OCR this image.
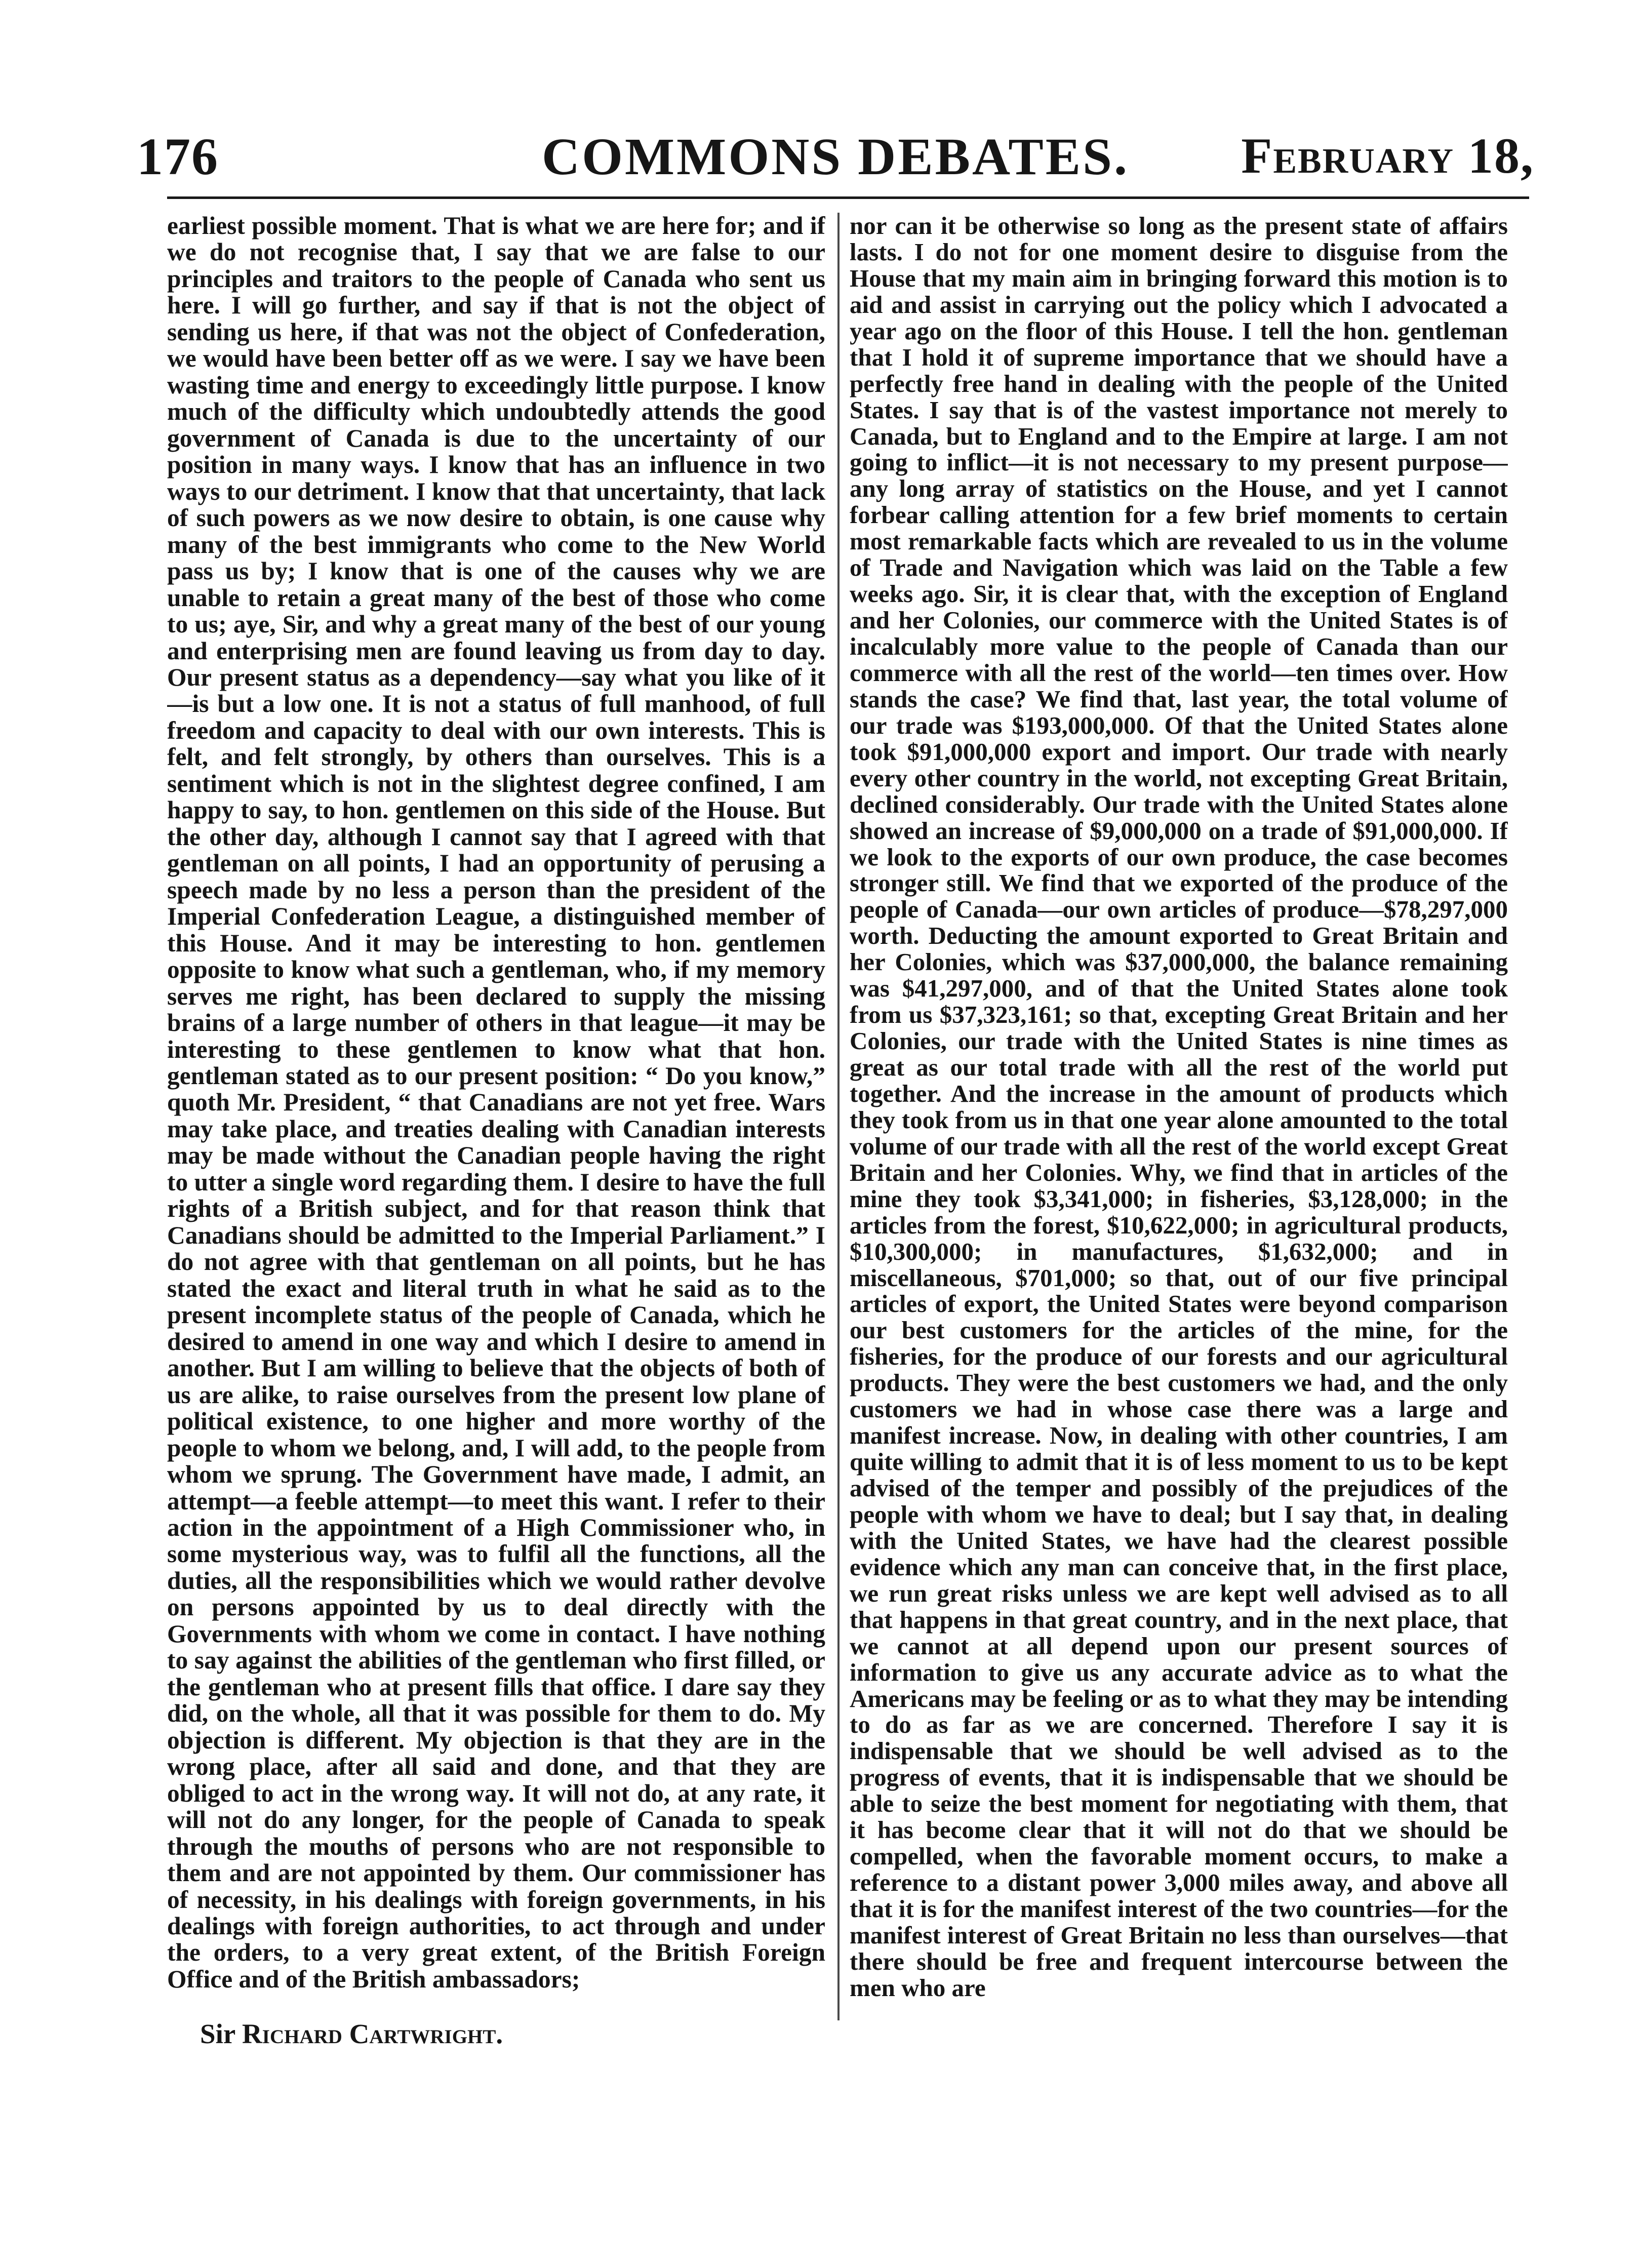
176	COMMONS DEBATES.	February 18,

earliest possible moment. That is what we are here for; and if we do not recognise that, I say that we are false to our principles and traitors to the people of Canada who sent us here. I will go further, and say if that is not the object of sending us here, if that was not the object of Confederation, we would have been better off as we were. I say we have been wasting time and energy to exceedingly little purpose. I know much of the difficulty which undoubtedly attends the good government of Canada is due to the uncertainty of our position in many ways. I know that has an influence in two ways to our detriment. I know that that uncertainty, that lack of such powers as we now desire to obtain, is one cause why many of the best immigrants who come to the New World pass us by; I know that is one of the causes why we are unable to retain a great many of the best of those who come to us; aye, Sir, and why a great many of the best of our young and enterprising men are found leaving us from day to day. Our present status as a dependency—say what you like of it—is but a low one. It is not a status of full manhood, of full freedom and capacity to deal with our own interests. This is felt, and felt strongly, by others than ourselves. This is a sentiment which is not in the slightest degree confined, I am happy to say, to hon. gentlemen on this side of the House. But the other day, although I cannot say that I agreed with that gentleman on all points, I had an opportunity of perusing a speech made by no less a person than the president of the Imperial Confederation League, a distinguished member of this House. And it may be interesting to hon. gentlemen opposite to know what such a gentleman, who, if my memory serves me right, has been declared to supply the missing brains of a large number of others in that league—it may be interesting to these gentlemen to know what that hon. gentleman stated as to our present position: “ Do you know,” quoth Mr. President, “ that Canadians are not yet free. Wars may take place, and treaties dealing with Canadian interests may be made without the Canadian people having the right to utter a single word regarding them. I desire to have the full rights of a British subject, and for that reason think that Canadians should be admitted to the Imperial Parliament.” I do not agree with that gentleman on all points, but he has stated the exact and literal truth in what he said as to the present incomplete status of the people of Canada, which he desired to amend in one way and which I desire to amend in another. But I am willing to believe that the objects of both of us are alike, to raise ourselves from the present low plane of political existence, to one higher and more worthy of the people to whom we belong, and, I will add, to the people from whom we sprung. The Government have made, I admit, an attempt—a feeble attempt—to meet this want. I refer to their action in the appointment of a High Commissioner who, in some mysterious way, was to fulfil all the functions, all the duties, all the responsibilities which we would rather devolve on persons appointed by us to deal directly with the Governments with whom we come in contact. I have nothing to say against the abilities of the gentleman who first filled, or the gentleman who at present fills that office. I dare say they did, on the whole, all that it was possible for them to do. My objection is different. My objection is that they are in the wrong place, after all said and done, and that they are obliged to act in the wrong way. It will not do, at any rate, it will not do any longer, for the people of Canada to speak through the mouths of persons who are not responsible to them and are not appointed by them. Our commissioner has of necessity, in his dealings with foreign governments, in his dealings with foreign authorities, to act through and under the orders, to a very great extent, of the British Foreign Office and of the British ambassadors;

nor can it be otherwise so long as the present state of affairs lasts. I do not for one moment desire to disguise from the House that my main aim in bringing forward this motion is to aid and assist in carrying out the policy which I advocated a year ago on the floor of this House. I tell the hon. gentleman that I hold it of supreme importance that we should have a perfectly free hand in dealing with the people of the United States. I say that is of the vastest importance not merely to Canada, but to England and to the Empire at large. I am not going to inflict—it is not necessary to my present purpose—any long array of statistics on the House, and yet I cannot forbear calling attention for a few brief moments to certain most remarkable facts which are revealed to us in the volume of Trade and Navigation which was laid on the Table a few weeks ago. Sir, it is clear that, with the exception of England and her Colonies, our commerce with the United States is of incalculably more value to the people of Canada than our commerce with all the rest of the world—ten times over. How stands the case? We find that, last year, the total volume of our trade was $193,000,000. Of that the United States alone took $91,000,000 export and import. Our trade with nearly every other country in the world, not excepting Great Britain, declined considerably. Our trade with the United States alone showed an increase of $9,000,000 on a trade of $91,000,000. If we look to the exports of our own produce, the case becomes stronger still. We find that we exported of the produce of the people of Canada—our own articles of produce—$78,297,000 worth. Deducting the amount exported to Great Britain and her Colonies, which was $37,000,000, the balance remaining was $41,297,000, and of that the United States alone took from us $37,323,161; so that, excepting Great Britain and her Colonies, our trade with the United States is nine times as great as our total trade with all the rest of the world put together. And the increase in the amount of products which they took from us in that one year alone amounted to the total volume of our trade with all the rest of the world except Great Britain and her Colonies. Why, we find that in articles of the mine they took $3,341,000; in fisheries, $3,128,000; in the articles from the forest, $10,622,000; in agricultural products, $10,300,000; in manufactures, $1,632,000; and in miscellaneous, $701,000; so that, out of our five principal articles of export, the United States were beyond comparison our best customers for the articles of the mine, for the fisheries, for the produce of our forests and our agricultural products. They were the best customers we had, and the only customers we had in whose case there was a large and manifest increase. Now, in dealing with other countries, I am quite willing to admit that it is of less moment to us to be kept advised of the temper and possibly of the prejudices of the people with whom we have to deal; but I say that, in dealing with the United States, we have had the clearest possible evidence which any man can conceive that, in the first place, we run great risks unless we are kept well advised as to all that happens in that great country, and in the next place, that we cannot at all depend upon our present sources of information to give us any accurate advice as to what the Americans may be feeling or as to what they may be intending to do as far as we are concerned. Therefore I say it is indispensable that we should be well advised as to the progress of events, that it is indispensable that we should be able to seize the best moment for negotiating with them, that it has become clear that it will not do that we should be compelled, when the favorable moment occurs, to make a reference to a distant power 3,000 miles away, and above all that it is for the manifest interest of the two countries—for the manifest interest of Great Britain no less than ourselves—that there should be free and frequent intercourse between the men who are

Sir Richard Cartwright.
